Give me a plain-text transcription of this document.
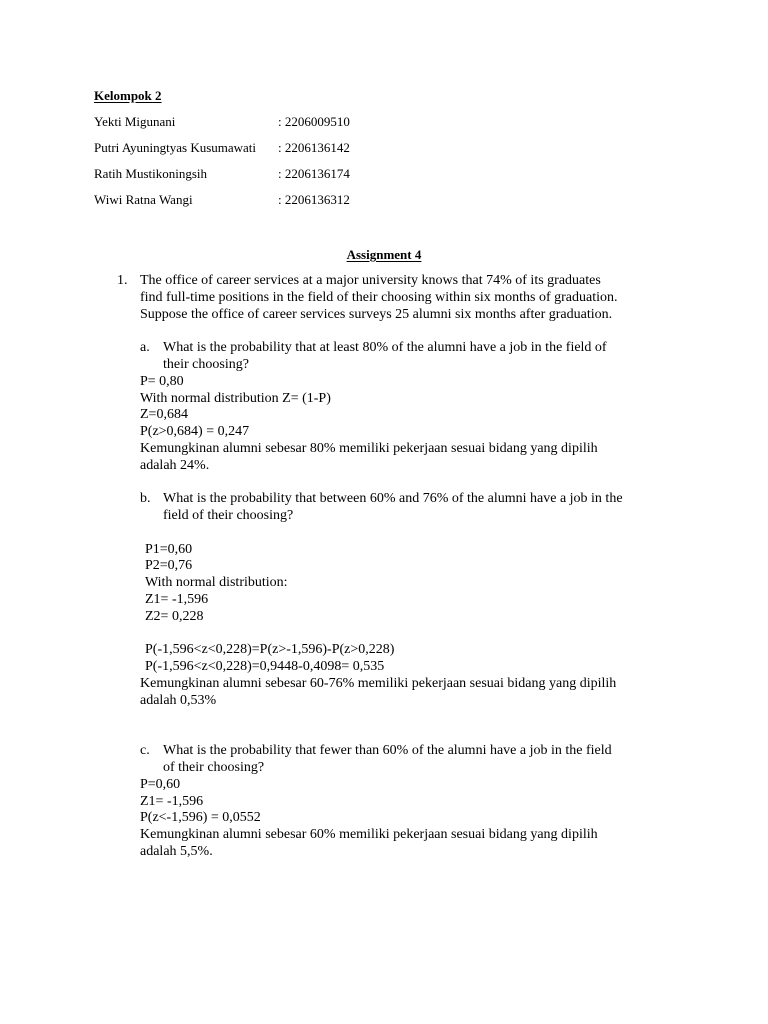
Kelompok 2
Yekti Migunani	: 2206009510
Putri Ayuningtyas Kusumawati : 2206136142
Ratih Mustikoningsih	: 2206136174
Wiwi Ratna Wangi	: 2206136312
Assignment 4
1. The office of career services at a major university knows that 74% of its graduates
find full-time positions in the field of their choosing within six months of graduation.
Suppose the office of career services surveys 25 alumni six months after graduation.
a. What is the probability that at least 80% of the alumni have a job in the field of
their choosing?
P= 0,80
With normal distribution Z= (1-P)
Z=0,684
P(z>0,684) = 0,247
Kemungkinan alumni sebesar 80% memiliki pekerjaan sesuai bidang yang dipilih
adalah 24%.
b. What is the probability that between 60% and 76% of the alumni have a job in the
field of their choosing?
P1=0,60
P2=0,76
With normal distribution:
Z1= -1,596
Z2= 0,228
P(-1,596<z<0,228)=P(z>-1,596)-P(z>0,228)
P(-1,596<z<0,228)=0,9448-0,4098= 0,535
Kemungkinan alumni sebesar 60-76% memiliki pekerjaan sesuai bidang yang dipilih
adalah 0,53%
c. What is the probability that fewer than 60% of the alumni have a job in the field
of their choosing?
P=0,60
Z1= -1,596
P(z<-1,596) = 0,0552
Kemungkinan alumni sebesar 60% memiliki pekerjaan sesuai bidang yang dipilih
adalah 5,5%.
